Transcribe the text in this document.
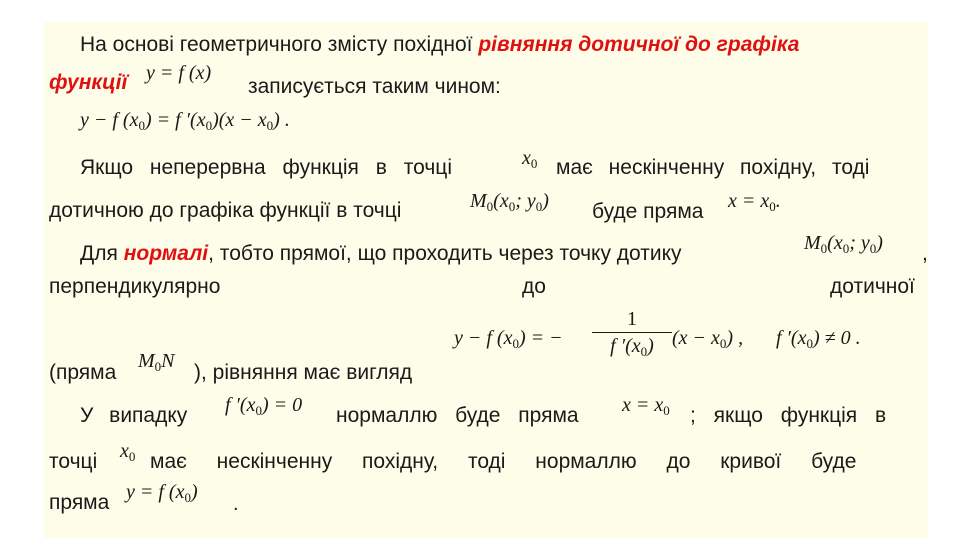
На основі геометричного змісту похідної рівняння дотичної до графіка
функції y = f (x)
записується таким чином:
y − f $(x_0) = f$ $'(x_0)(x - x_0)$ .
Якщо неперервна функція в точці	$x_0$ має нескінченну похідну, тоді
дотичною до графіка функції в точці	$M_0(x_0$; $y_0$) буде пряма $x = x_0$.
Для нормалі, тобто прямої, що проходить через точку дотику	$M_0(x_0$; $y_0$) ,
перпендикулярно	до	дотичної
y − f $(x_0)$ = −
1
f $'(x_0) (x - x_0)$ , f $'(x_0) \ne 0$ .
(пряма $M_0N$ ), рівняння має вигляд
У випадку f $'(x_0) = 0$ нормаллю буде пряма $x = x_0$ ; якщо функція в
точці $x_0$ має нескінченну похідну, тоді нормаллю до кривої буде
пряма y = f $(x_0)$
.
